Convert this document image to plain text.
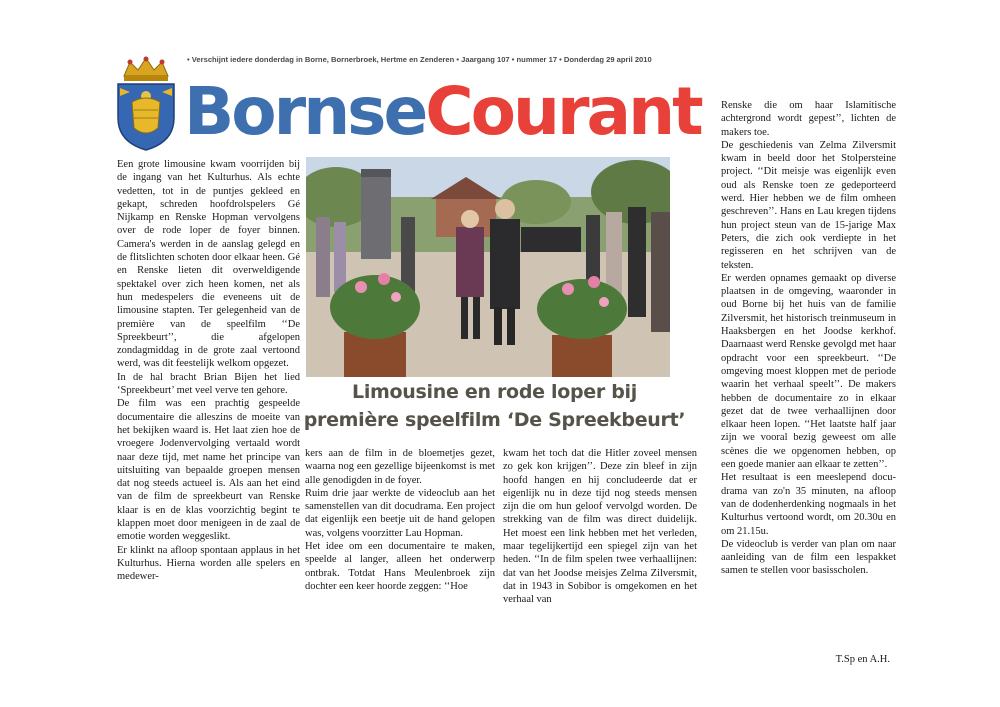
• Verschijnt iedere donderdag in Borne, Bornerbroek, Hertme en Zenderen • Jaargang 107 • nummer 17 • Donderdag 29 april 2010
BornseCourant

Een grote limousine kwam voorrijden bij de ingang van het Kulturhus. Als echte vedetten, tot in de puntjes gekleed en gekapt, schreden hoofdrolspelers Gé Nijkamp en Renske Hopman vervolgens over de rode loper de foyer binnen. Camera's werden in de aanslag gelegd en de flitslichten schoten door elkaar heen. Gé en Renske lieten dit overweldigende spektakel over zich heen komen, net als hun medespelers die eveneens uit de limousine stapten. Ter gelegenheid van de première van de speelfilm ‘‘De Spreekbeurt’’, die afgelopen zondagmiddag in de grote zaal vertoond werd, was dit feestelijk welkom opgezet.

In de hal bracht Brian Bijen het lied ‘Spreekbeurt’ met veel verve ten gehore.

De film was een prachtig gespeelde documentaire die alleszins de moeite van het bekijken waard is. Het laat zien hoe de vroegere Jodenvervolging vertaald wordt naar deze tijd, met name het principe van uitsluiting van bepaalde groepen mensen dat nog steeds actueel is. Als aan het eind van de film de spreekbeurt van Renske klaar is en de klas voorzichtig begint te klappen moet door menigeen in de zaal de emotie worden weggeslikt.

Er klinkt na afloop spontaan applaus in het Kulturhus. Hierna worden alle spelers en medewer-

Limousine en rode loper bij
première speelfilm ‘De Spreekbeurt’

kers aan de film in de bloemetjes gezet, waarna nog een gezellige bijeenkomst is met alle genodigden in de foyer.

Ruim drie jaar werkte de videoclub aan het samenstellen van dit docudrama. Een project dat eigenlijk een beetje uit de hand gelopen was, volgens voorzitter Lau Hopman.

Het idee om een documentaire te maken, speelde al langer, alleen het onderwerp ontbrak. Totdat Hans Meulenbroek zijn dochter een keer hoorde zeggen: ‘‘Hoe

kwam het toch dat die Hitler zoveel mensen zo gek kon krijgen’’. Deze zin bleef in zijn hoofd hangen en hij concludeerde dat er eigenlijk nu in deze tijd nog steeds mensen zijn die om hun geloof vervolgd worden. De strekking van de film was direct duidelijk. Het moest een link hebben met het verleden, maar tegelijkertijd een spiegel zijn van het heden. ‘‘In de film spelen twee verhaallijnen: dat van het Joodse meisjes Zelma Zilversmit, dat in 1943 in Sobibor is omgekomen en het verhaal van

Renske die om haar Islamitische achtergrond wordt gepest’’, lichten de makers toe.

De geschiedenis van Zelma Zilversmit kwam in beeld door het Stolpersteine project. ‘‘Dit meisje was eigenlijk even oud als Renske toen ze gedeporteerd werd. Hier hebben we de film omheen geschreven’’. Hans en Lau kregen tijdens hun project steun van de 15-jarige Max Peters, die zich ook verdiepte in het regisseren en het schrijven van de teksten.

Er werden opnames gemaakt op diverse plaatsen in de omgeving, waaronder in oud Borne bij het huis van de familie Zilversmit, het historisch treinmuseum in Haaksbergen en het Joodse kerkhof. Daarnaast werd Renske gevolgd met haar opdracht voor een spreekbeurt. ‘‘De omgeving moest kloppen met de periode waarin het verhaal speelt’’. De makers hebben de documentaire zo in elkaar gezet dat de twee verhaallijnen door elkaar heen lopen. ‘‘Het laatste half jaar zijn we vooral bezig geweest om alle scènes die we opgenomen hebben, op een goede manier aan elkaar te zetten’’.

Het resultaat is een meeslepend docu-drama van zo'n 35 minuten, na afloop van de dodenherdenking nogmaals in het Kulturhus vertoond wordt, om 20.30u en om 21.15u.

De videoclub is verder van plan om naar aanleiding van de film een lespakket samen te stellen voor basisscholen.

T.Sp en A.H.
